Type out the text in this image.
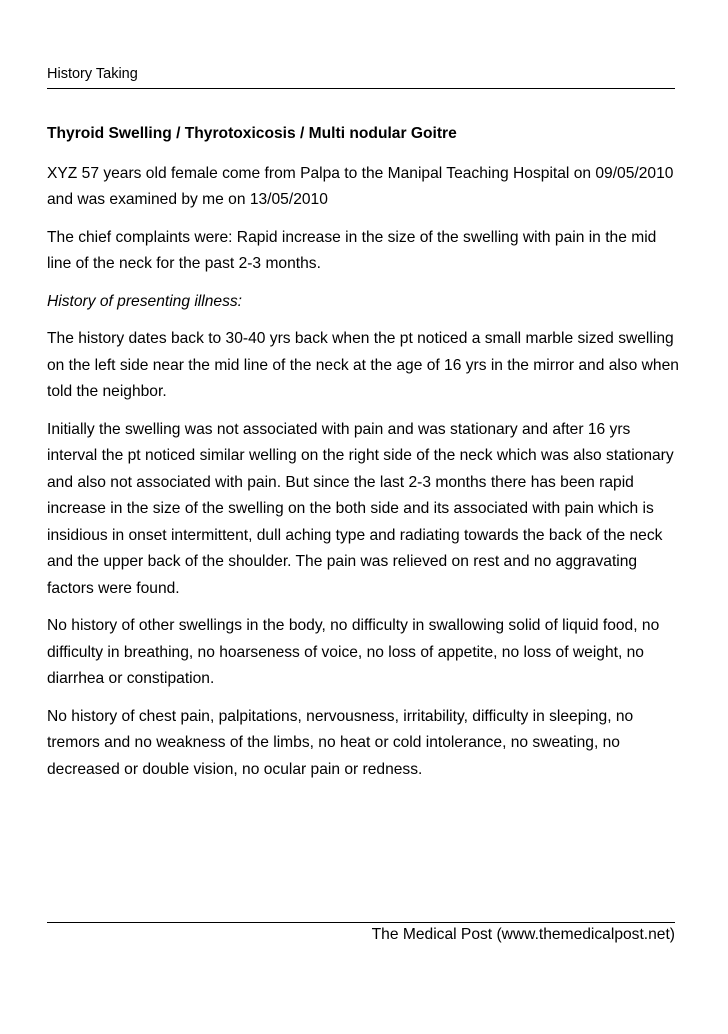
History Taking

Thyroid Swelling / Thyrotoxicosis / Multi nodular Goitre

XYZ 57 years old female come from Palpa to the Manipal Teaching Hospital on 09/05/2010 and was examined by me on 13/05/2010

The chief complaints were: Rapid increase in the size of the swelling with pain in the mid line of the neck for the past 2-3 months.

History of presenting illness:

The history dates back to 30-40 yrs back when the pt noticed a small marble sized swelling on the left side near the mid line of the neck at the age of 16 yrs in the mirror and also when told the neighbor.

Initially the swelling was not associated with pain and was stationary and after 16 yrs interval the pt noticed similar welling on the right side of the neck which was also stationary and also not associated with pain. But since the last 2-3 months there has been rapid increase in the size of the swelling on the both side and its associated with pain which is insidious in onset intermittent, dull aching type and radiating towards the back of the neck and the upper back of the shoulder. The pain was relieved on rest and no aggravating factors were found.

No history of other swellings in the body, no difficulty in swallowing solid of liquid food, no difficulty in breathing, no hoarseness of voice, no loss of appetite, no loss of weight, no diarrhea or constipation.

No history of chest pain, palpitations, nervousness, irritability, difficulty in sleeping, no tremors and no weakness of the limbs, no heat or cold intolerance, no sweating, no decreased or double vision, no ocular pain or redness.

The Medical Post (www.themedicalpost.net)
